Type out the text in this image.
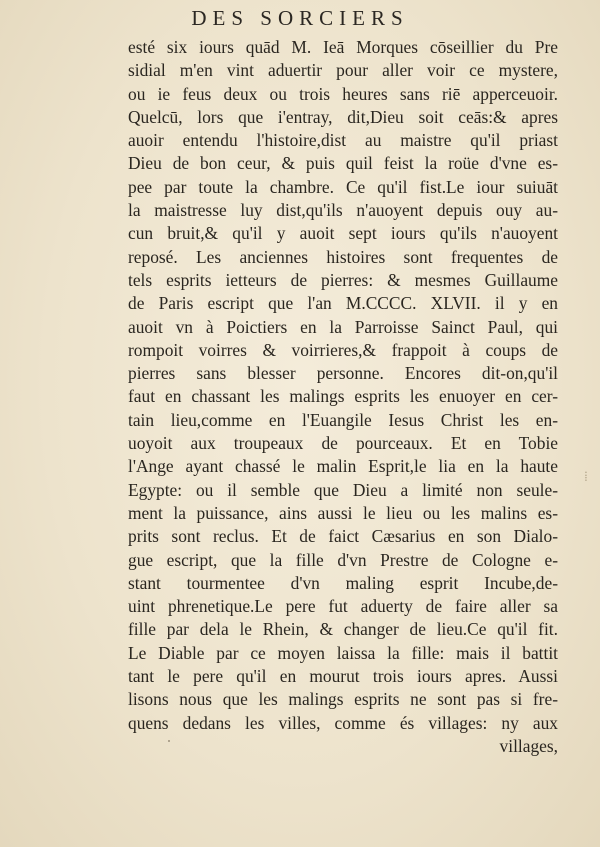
DES SORCIERS
esté six iours quād M. Ieā Morques cōseillier du Pre
sidial m'en vint aduertir pour aller voir ce mystere,
ou ie feus deux ou trois heures sans riē apperceuoir.
Quelcū, lors que i'entray, dit,Dieu soit ceās:& apres
auoir entendu l'histoire,dist au maistre qu'il priast
Dieu de bon ceur, & puis quil feist la roüe d'vne es-
pee par toute la chambre. Ce qu'il fist.Le iour suiuāt
la maistresse luy dist,qu'ils n'auoyent depuis ouy au-
cun bruit,& qu'il y auoit sept iours qu'ils n'auoyent
reposé. Les anciennes histoires sont frequentes de
tels esprits ietteurs de pierres: & mesmes Guillaume
de Paris escript que l'an M.CCCC. XLVII. il y en
auoit vn à Poictiers en la Parroisse Sainct Paul, qui
rompoit voirres & voirrieres,& frappoit à coups de
pierres sans blesser personne. Encores dit-on,qu'il
faut en chassant les malings esprits les enuoyer en cer-
tain lieu,comme en l'Euangile Iesus Christ les en-
uoyoit aux troupeaux de pourceaux. Et en Tobie
l'Ange ayant chassé le malin Esprit,le lia en la haute
Egypte: ou il semble que Dieu a limité non seule-
ment la puissance, ains aussi le lieu ou les malins es-
prits sont reclus. Et de faict Cæsarius en son Dialo-
gue escript, que la fille d'vn Prestre de Cologne e-
stant tourmentee d'vn maling esprit Incube,de-
uint phrenetique.Le pere fut aduerty de faire aller sa
fille par dela le Rhein, & changer de lieu.Ce qu'il fit.
Le Diable par ce moyen laissa la fille: mais il battit
tant le pere qu'il en mourut trois iours apres. Aussi
lisons nous que les malings esprits ne sont pas si fre-
quens dedans les villes, comme és villages: ny aux
villages,
⁞
